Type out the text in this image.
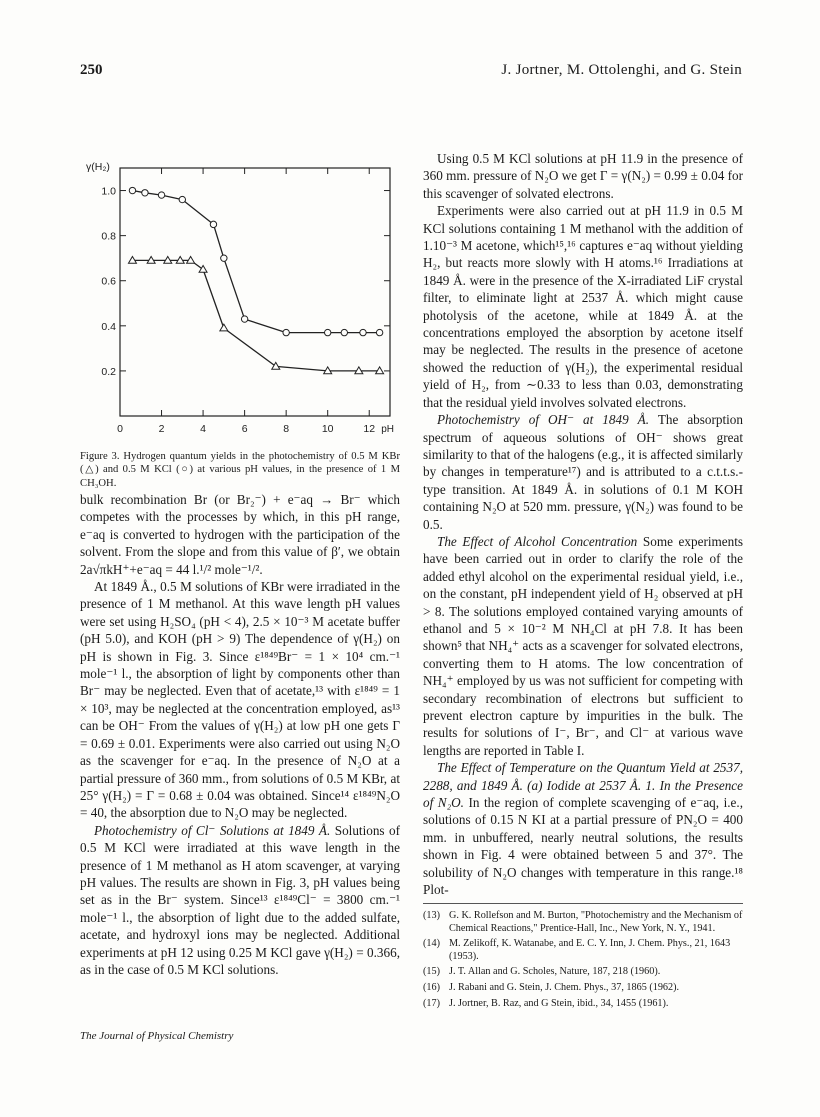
250	J. Jortner, M. Ottolenghi, and G. Stein
1.0
0.8
0.6
0.4
0.2
0	2	4	6	8	10	12 pH
γ(H₂)
Figure 3. Hydrogen quantum yields in the photochemistry of 0.5 M KBr (△) and 0.5 M KCl (○) at various pH values, in the presence of 1 M CH₃OH.

bulk recombination Br (or Br₂⁻) + e⁻aq → Br⁻ which competes with the processes by which, in this pH range, e⁻aq is converted to hydrogen with the participation of the solvent. From the slope and from this value of β′, we obtain 2a√πkH⁺+e⁻aq = 44 l.¹/² mole⁻¹/².

At 1849 Å., 0.5 M solutions of KBr were irradiated in the presence of 1 M methanol. At this wave length pH values were set using H₂SO₄ (pH < 4), 2.5 × 10⁻³ M acetate buffer (pH 5.0), and KOH (pH > 9) The dependence of γ(H₂) on pH is shown in Fig. 3. Since ε¹⁸⁴⁹Br⁻ = 1 × 10⁴ cm.⁻¹ mole⁻¹ l., the absorption of light by components other than Br⁻ may be neglected. Even that of acetate,¹³ with ε¹⁸⁴⁹ = 1 × 10³, may be neglected at the concentration employed, as¹³ can be OH⁻ From the values of γ(H₂) at low pH one gets Γ = 0.69 ± 0.01. Experiments were also carried out using N₂O as the scavenger for e⁻aq. In the presence of N₂O at a partial pressure of 360 mm., from solutions of 0.5 M KBr, at 25° γ(H₂) = Γ = 0.68 ± 0.04 was obtained. Since¹⁴ ε¹⁸⁴⁹N₂O = 40, the absorption due to N₂O may be neglected.

Photochemistry of Cl⁻ Solutions at 1849 Å. Solutions of 0.5 M KCl were irradiated at this wave length in the presence of 1 M methanol as H atom scavenger, at varying pH values. The results are shown in Fig. 3, pH values being set as in the Br⁻ system. Since¹³ ε¹⁸⁴⁹Cl⁻ = 3800 cm.⁻¹ mole⁻¹ l., the absorption of light due to the added sulfate, acetate, and hydroxyl ions may be neglected. Additional experiments at pH 12 using 0.25 M KCl gave γ(H₂) = 0.366, as in the case of 0.5 M KCl solutions.

Using 0.5 M KCl solutions at pH 11.9 in the presence of 360 mm. pressure of N₂O we get Γ = γ(N₂) = 0.99 ± 0.04 for this scavenger of solvated electrons.

Experiments were also carried out at pH 11.9 in 0.5 M KCl solutions containing 1 M methanol with the addition of 1.10⁻³ M acetone, which¹⁵,¹⁶ captures e⁻aq without yielding H₂, but reacts more slowly with H atoms.¹⁶ Irradiations at 1849 Å. were in the presence of the X-irradiated LiF crystal filter, to eliminate light at 2537 Å. which might cause photolysis of the acetone, while at 1849 Å. at the concentrations employed the absorption by acetone itself may be neglected. The results in the presence of acetone showed the reduction of γ(H₂), the experimental residual yield of H₂, from ∼0.33 to less than 0.03, demonstrating that the residual yield involves solvated electrons.

Photochemistry of OH⁻ at 1849 Å. The absorption spectrum of aqueous solutions of OH⁻ shows great similarity to that of the halogens (e.g., it is affected similarly by changes in temperature¹⁷) and is attributed to a c.t.t.s.-type transition. At 1849 Å. in solutions of 0.1 M KOH containing N₂O at 520 mm. pressure, γ(N₂) was found to be 0.5.

The Effect of Alcohol Concentration Some experiments have been carried out in order to clarify the role of the added ethyl alcohol on the experimental residual yield, i.e., on the constant, pH independent yield of H₂ observed at pH > 8. The solutions employed contained varying amounts of ethanol and 5 × 10⁻² M NH₄Cl at pH 7.8. It has been shown⁵ that NH₄⁺ acts as a scavenger for solvated electrons, converting them to H atoms. The low concentration of NH₄⁺ employed by us was not sufficient for competing with secondary recombination of electrons but sufficient to prevent electron capture by impurities in the bulk. The results for solutions of I⁻, Br⁻, and Cl⁻ at various wave lengths are reported in Table I.

The Effect of Temperature on the Quantum Yield at 2537, 2288, and 1849 Å. (a) Iodide at 2537 Å. 1. In the Presence of N₂O. In the region of complete scavenging of e⁻aq, i.e., solutions of 0.15 N KI at a partial pressure of PN₂O = 400 mm. in unbuffered, nearly neutral solutions, the results shown in Fig. 4 were obtained between 5 and 37°. The solubility of N₂O changes with temperature in this range.¹⁸ Plot-

(13) G. K. Rollefson and M. Burton, "Photochemistry and the Mechanism of Chemical Reactions," Prentice-Hall, Inc., New York, N. Y., 1941.
(14) M. Zelikoff, K. Watanabe, and E. C. Y. Inn, J. Chem. Phys., 21, 1643 (1953).
(15) J. T. Allan and G. Scholes, Nature, 187, 218 (1960).
(16) J. Rabani and G. Stein, J. Chem. Phys., 37, 1865 (1962).
(17) J. Jortner, B. Raz, and G Stein, ibid., 34, 1455 (1961).
The Journal of Physical Chemistry
